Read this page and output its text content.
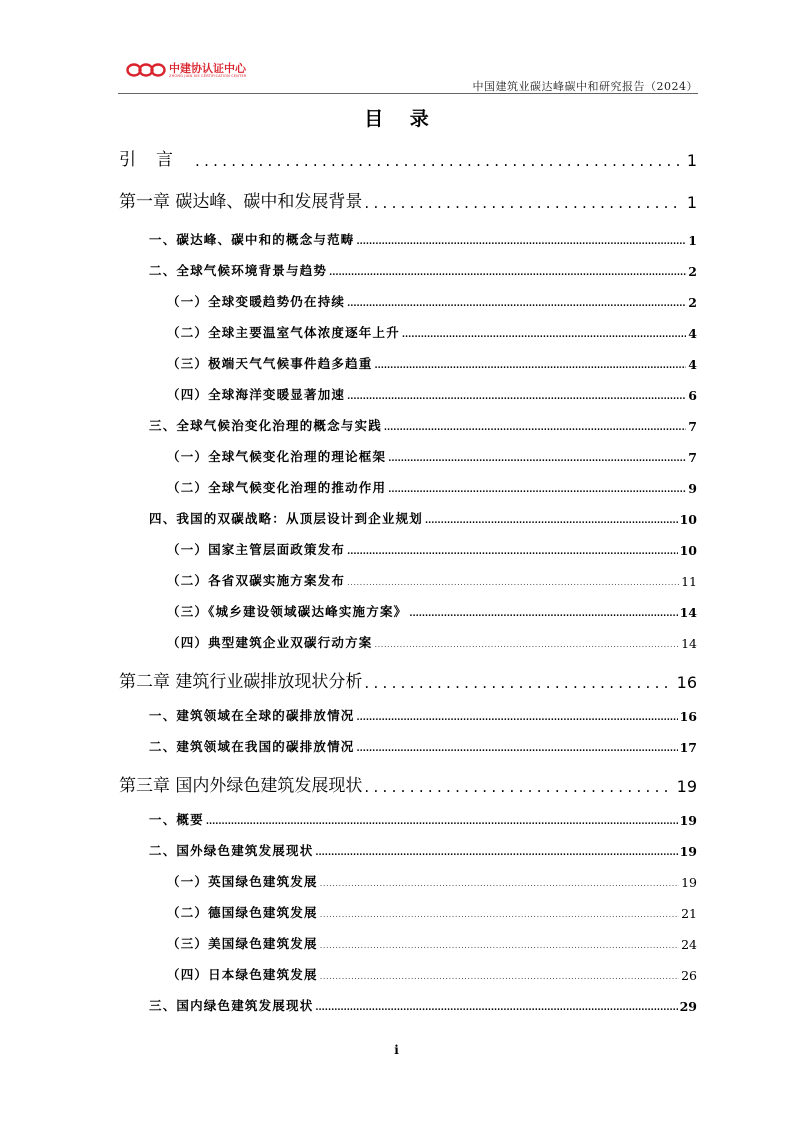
中建协认证中心
ZHONG JIAN XIE CERTIFICATION CENTER
中国建筑业碳达峰碳中和研究报告（2024）
目 录
引言 .....	1
第一章 碳达峰、碳中和发展背景 .....	1
一、碳达峰、碳中和的概念与范畴 .....	1
二、全球气候环境背景与趋势 .....	2
（一）全球变暖趋势仍在持续 .....	2
（二）全球主要温室气体浓度逐年上升 .....	4
（三）极端天气气候事件趋多趋重 .....	4
（四）全球海洋变暖显著加速 .....	6
三、全球气候治变化治理的概念与实践 .....	7
（一）全球气候变化治理的理论框架 .....	7
（二）全球气候变化治理的推动作用 .....	9
四、我国的双碳战略：从顶层设计到企业规划 .....	10
（一）国家主管层面政策发布 .....	10
（二）各省双碳实施方案发布 .....	11
（三）《城乡建设领域碳达峰实施方案》 .....	14
（四）典型建筑企业双碳行动方案 .....	14
第二章 建筑行业碳排放现状分析 .....	16
一、建筑领域在全球的碳排放情况 .....	16
二、建筑领域在我国的碳排放情况 .....	17
第三章 国内外绿色建筑发展现状 .....	19
一、概要 .....	19
二、国外绿色建筑发展现状 .....	19
（一）英国绿色建筑发展 .....	19
（二）德国绿色建筑发展 .....	21
（三）美国绿色建筑发展 .....	24
（四）日本绿色建筑发展 .....	26
三、国内绿色建筑发展现状 .....	29
i
